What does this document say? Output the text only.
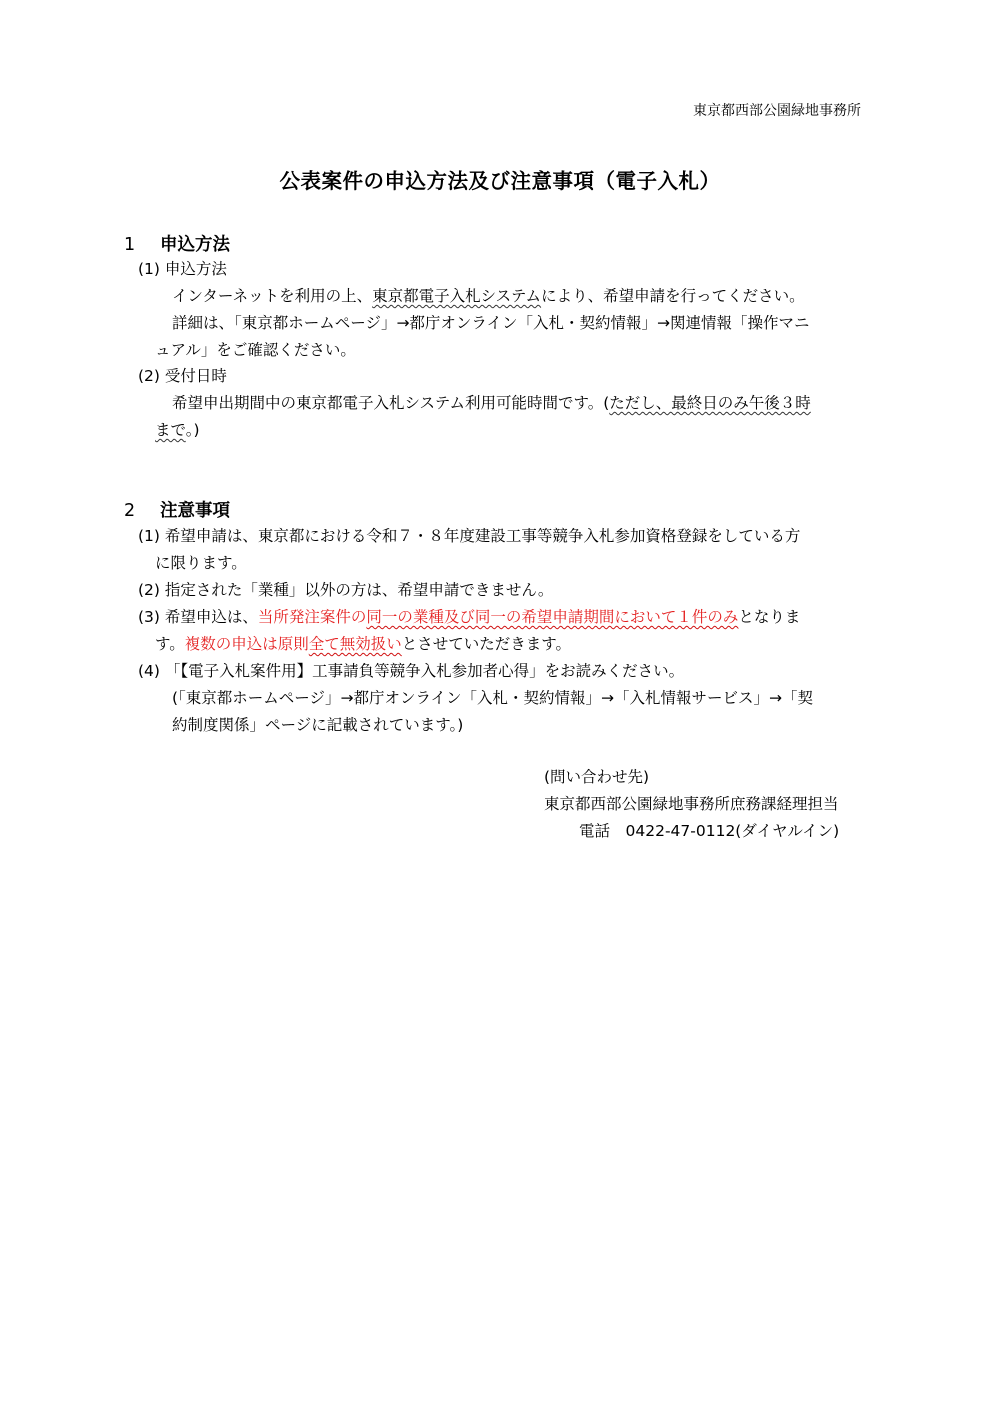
東京都西部公園緑地事務所
公表案件の申込方法及び注意事項（電子入札）
1 申込方法
(1) 申込方法
インターネットを利用の上、東京都電子入札システムにより、希望申請を行ってください。
詳細は、「東京都ホームページ」→都庁オンライン「入札・契約情報」→関連情報「操作マニ
ュアル」をご確認ください。
(2) 受付日時
希望申出期間中の東京都電子入札システム利用可能時間です。(ただし、最終日のみ午後３時
まで。)
2 注意事項
(1) 希望申請は、東京都における令和７・８年度建設工事等競争入札参加資格登録をしている方
に限ります。
(2) 指定された「業種」以外の方は、希望申請できません。
(3) 希望申込は、当所発注案件の同一の業種及び同一の希望申請期間において１件のみとなりま
す。複数の申込は原則全て無効扱いとさせていただきます。
(4) 「【電子入札案件用】工事請負等競争入札参加者心得」をお読みください。
(「東京都ホームページ」→都庁オンライン「入札・契約情報」→「入札情報サービス」→「契
約制度関係」ページに記載されています。)
(問い合わせ先)
東京都西部公園緑地事務所庶務課経理担当
電話　0422-47-0112(ダイヤルイン)
